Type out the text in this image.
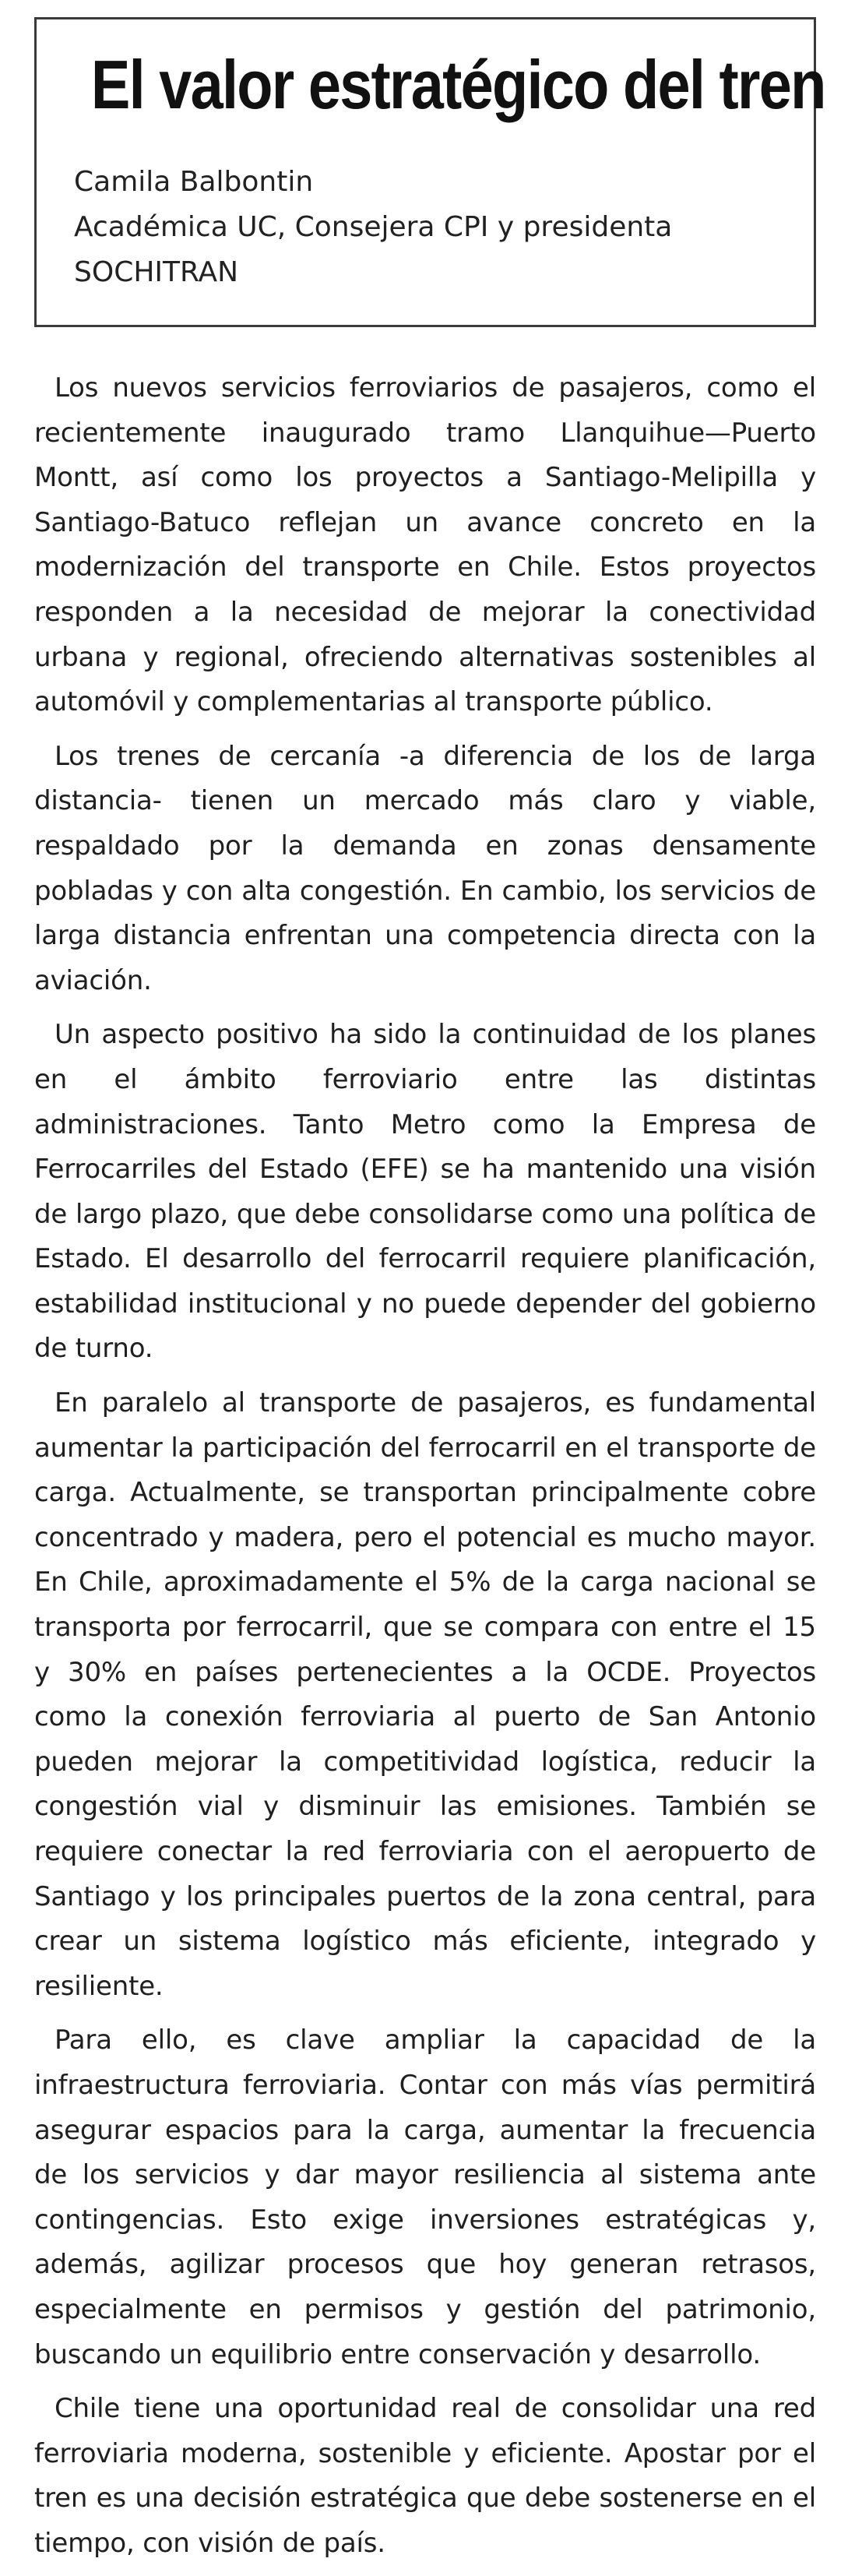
El valor estratégico del tren
Camila Balbontin
Académica UC, Consejera CPI y presidenta
SOCHITRAN

Los nuevos servicios ferroviarios de pasajeros, como el recientemente inaugurado tramo Llanquihue—Puerto Montt, así como los proyectos a Santiago-Melipilla y Santiago-Batuco reflejan un avance concreto en la modernización del transporte en Chile. Estos proyectos responden a la necesidad de mejorar la conectividad urbana y regional, ofreciendo alternativas sostenibles al automóvil y complementarias al transporte público.

Los trenes de cercanía -a diferencia de los de larga distancia- tienen un mercado más claro y viable, respaldado por la demanda en zonas densamente pobladas y con alta congestión. En cambio, los servicios de larga distancia enfrentan una competencia directa con la aviación.

Un aspecto positivo ha sido la continuidad de los planes en el ámbito ferroviario entre las distintas administraciones. Tanto Metro como la Empresa de Ferrocarriles del Estado (EFE) se ha mantenido una visión de largo plazo, que debe consolidarse como una política de Estado. El desarrollo del ferrocarril requiere planificación, estabilidad institucional y no puede depender del gobierno de turno.

En paralelo al transporte de pasajeros, es fundamental aumentar la participación del ferrocarril en el transporte de carga. Actualmente, se transportan principalmente cobre concentrado y madera, pero el potencial es mucho mayor. En Chile, aproximadamente el 5% de la carga nacional se transporta por ferrocarril, que se compara con entre el 15 y 30% en países pertenecientes a la OCDE. Proyectos como la conexión ferroviaria al puerto de San Antonio pueden mejorar la competitividad logística, reducir la congestión vial y disminuir las emisiones. También se requiere conectar la red ferroviaria con el aeropuerto de Santiago y los principales puertos de la zona central, para crear un sistema logístico más eficiente, integrado y resiliente.

Para ello, es clave ampliar la capacidad de la infraestructura ferroviaria. Contar con más vías permitirá asegurar espacios para la carga, aumentar la frecuencia de los servicios y dar mayor resiliencia al sistema ante contingencias. Esto exige inversiones estratégicas y, además, agilizar procesos que hoy generan retrasos, especialmente en permisos y gestión del patrimonio, buscando un equilibrio entre conservación y desarrollo.

Chile tiene una oportunidad real de consolidar una red ferroviaria moderna, sostenible y eficiente. Apostar por el tren es una decisión estratégica que debe sostenerse en el tiempo, con visión de país.
